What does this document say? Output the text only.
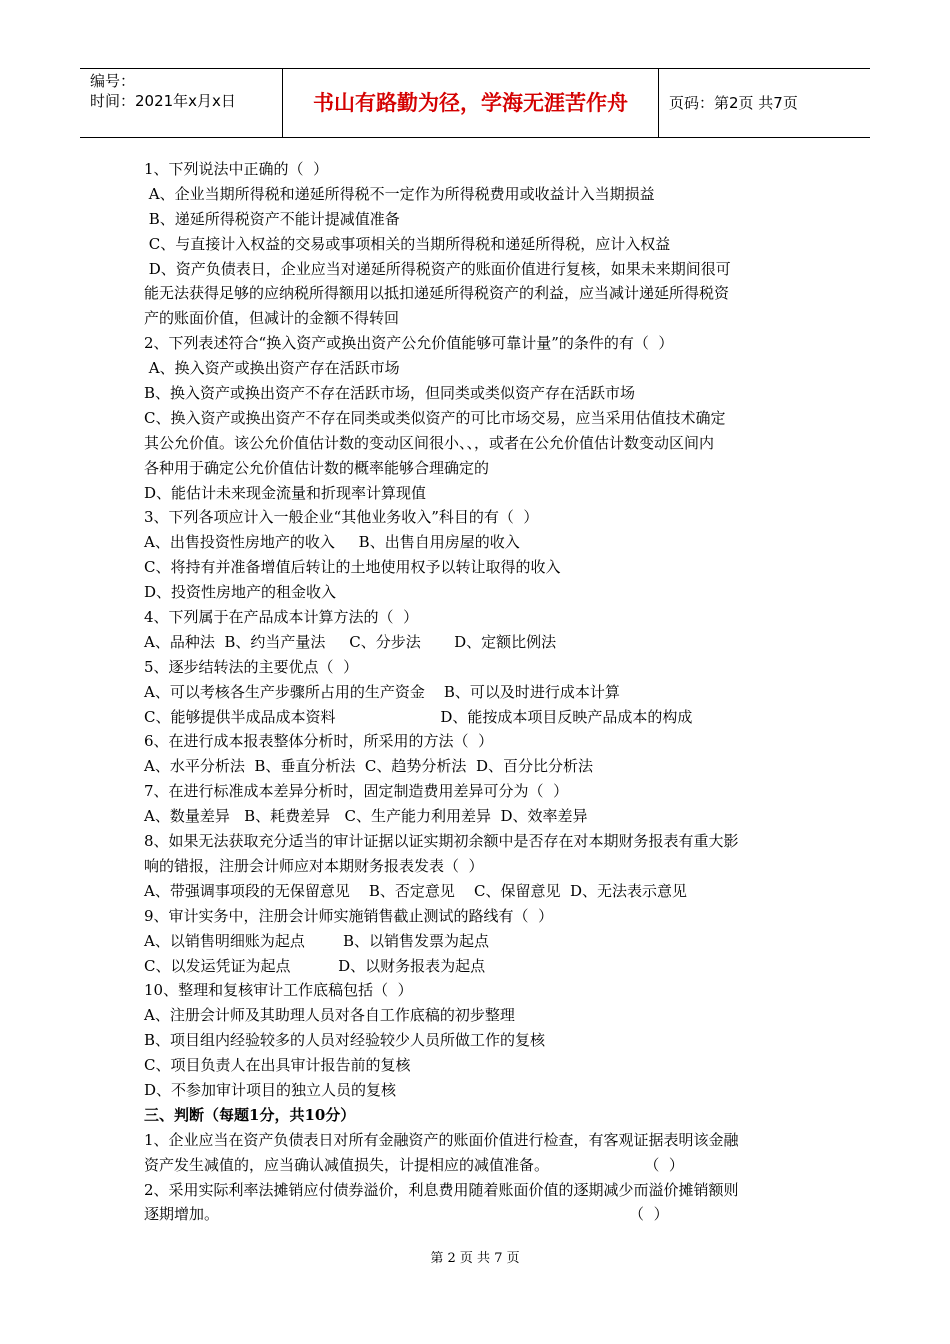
编号：
时间：2021年x月x日	书山有路勤为径，学海无涯苦作舟	页码：第2页 共7页
1、下列说法中正确的（  ）
A、企业当期所得税和递延所得税不一定作为所得税费用或收益计入当期损益
B、递延所得税资产不能计提减值准备
C、与直接计入权益的交易或事项相关的当期所得税和递延所得税，应计入权益
D、资产负债表日，企业应当对递延所得税资产的账面价值进行复核，如果未来期间很可
能无法获得足够的应纳税所得额用以抵扣递延所得税资产的利益，应当减计递延所得税资
产的账面价值，但减计的金额不得转回
2、下列表述符合“换入资产或换出资产公允价值能够可靠计量”的条件的有（  ）
A、换入资产或换出资产存在活跃市场
B、换入资产或换出资产不存在活跃市场，但同类或类似资产存在活跃市场
C、换入资产或换出资产不存在同类或类似资产的可比市场交易，应当采用估值技术确定
其公允价值。该公允价值估计数的变动区间很小、、，或者在公允价值估计数变动区间内
各种用于确定公允价值估计数的概率能够合理确定的
D、能估计未来现金流量和折现率计算现值
3、下列各项应计入一般企业“其他业务收入”科目的有（  ）
A、出售投资性房地产的收入     B、出售自用房屋的收入
C、将持有并准备增值后转让的土地使用权予以转让取得的收入
D、投资性房地产的租金收入
4、下列属于在产品成本计算方法的（  ）
A、品种法  B、约当产量法     C、分步法       D、定额比例法
5、逐步结转法的主要优点（  ）
A、可以考核各生产步骤所占用的生产资金    B、可以及时进行成本计算
C、能够提供半成品成本资料                      D、能按成本项目反映产品成本的构成
6、在进行成本报表整体分析时，所采用的方法（  ）
A、水平分析法  B、垂直分析法  C、趋势分析法  D、百分比分析法
7、在进行标准成本差异分析时，固定制造费用差异可分为（  ）
A、数量差异   B、耗费差异   C、生产能力利用差异  D、效率差异
8、如果无法获取充分适当的审计证据以证实期初余额中是否存在对本期财务报表有重大影
响的错报，注册会计师应对本期财务报表发表（  ）
A、带强调事项段的无保留意见    B、否定意见    C、保留意见  D、无法表示意见
9、审计实务中，注册会计师实施销售截止测试的路线有（  ）
A、以销售明细账为起点        B、以销售发票为起点
C、以发运凭证为起点          D、以财务报表为起点
10、整理和复核审计工作底稿包括（  ）
A、注册会计师及其助理人员对各自工作底稿的初步整理
B、项目组内经验较多的人员对经验较少人员所做工作的复核
C、项目负责人在出具审计报告前的复核
D、不参加审计项目的独立人员的复核
三、判断（每题1分，共10分）
1、企业应当在资产负债表日对所有金融资产的账面价值进行检查，有客观证据表明该金融
资产发生减值的，应当确认减值损失，计提相应的减值准备。                    （  ）
2、采用实际利率法摊销应付债券溢价，利息费用随着账面价值的逐期减少而溢价摊销额则
逐期增加。                                                                                      （  ）
第 2 页 共 7 页
